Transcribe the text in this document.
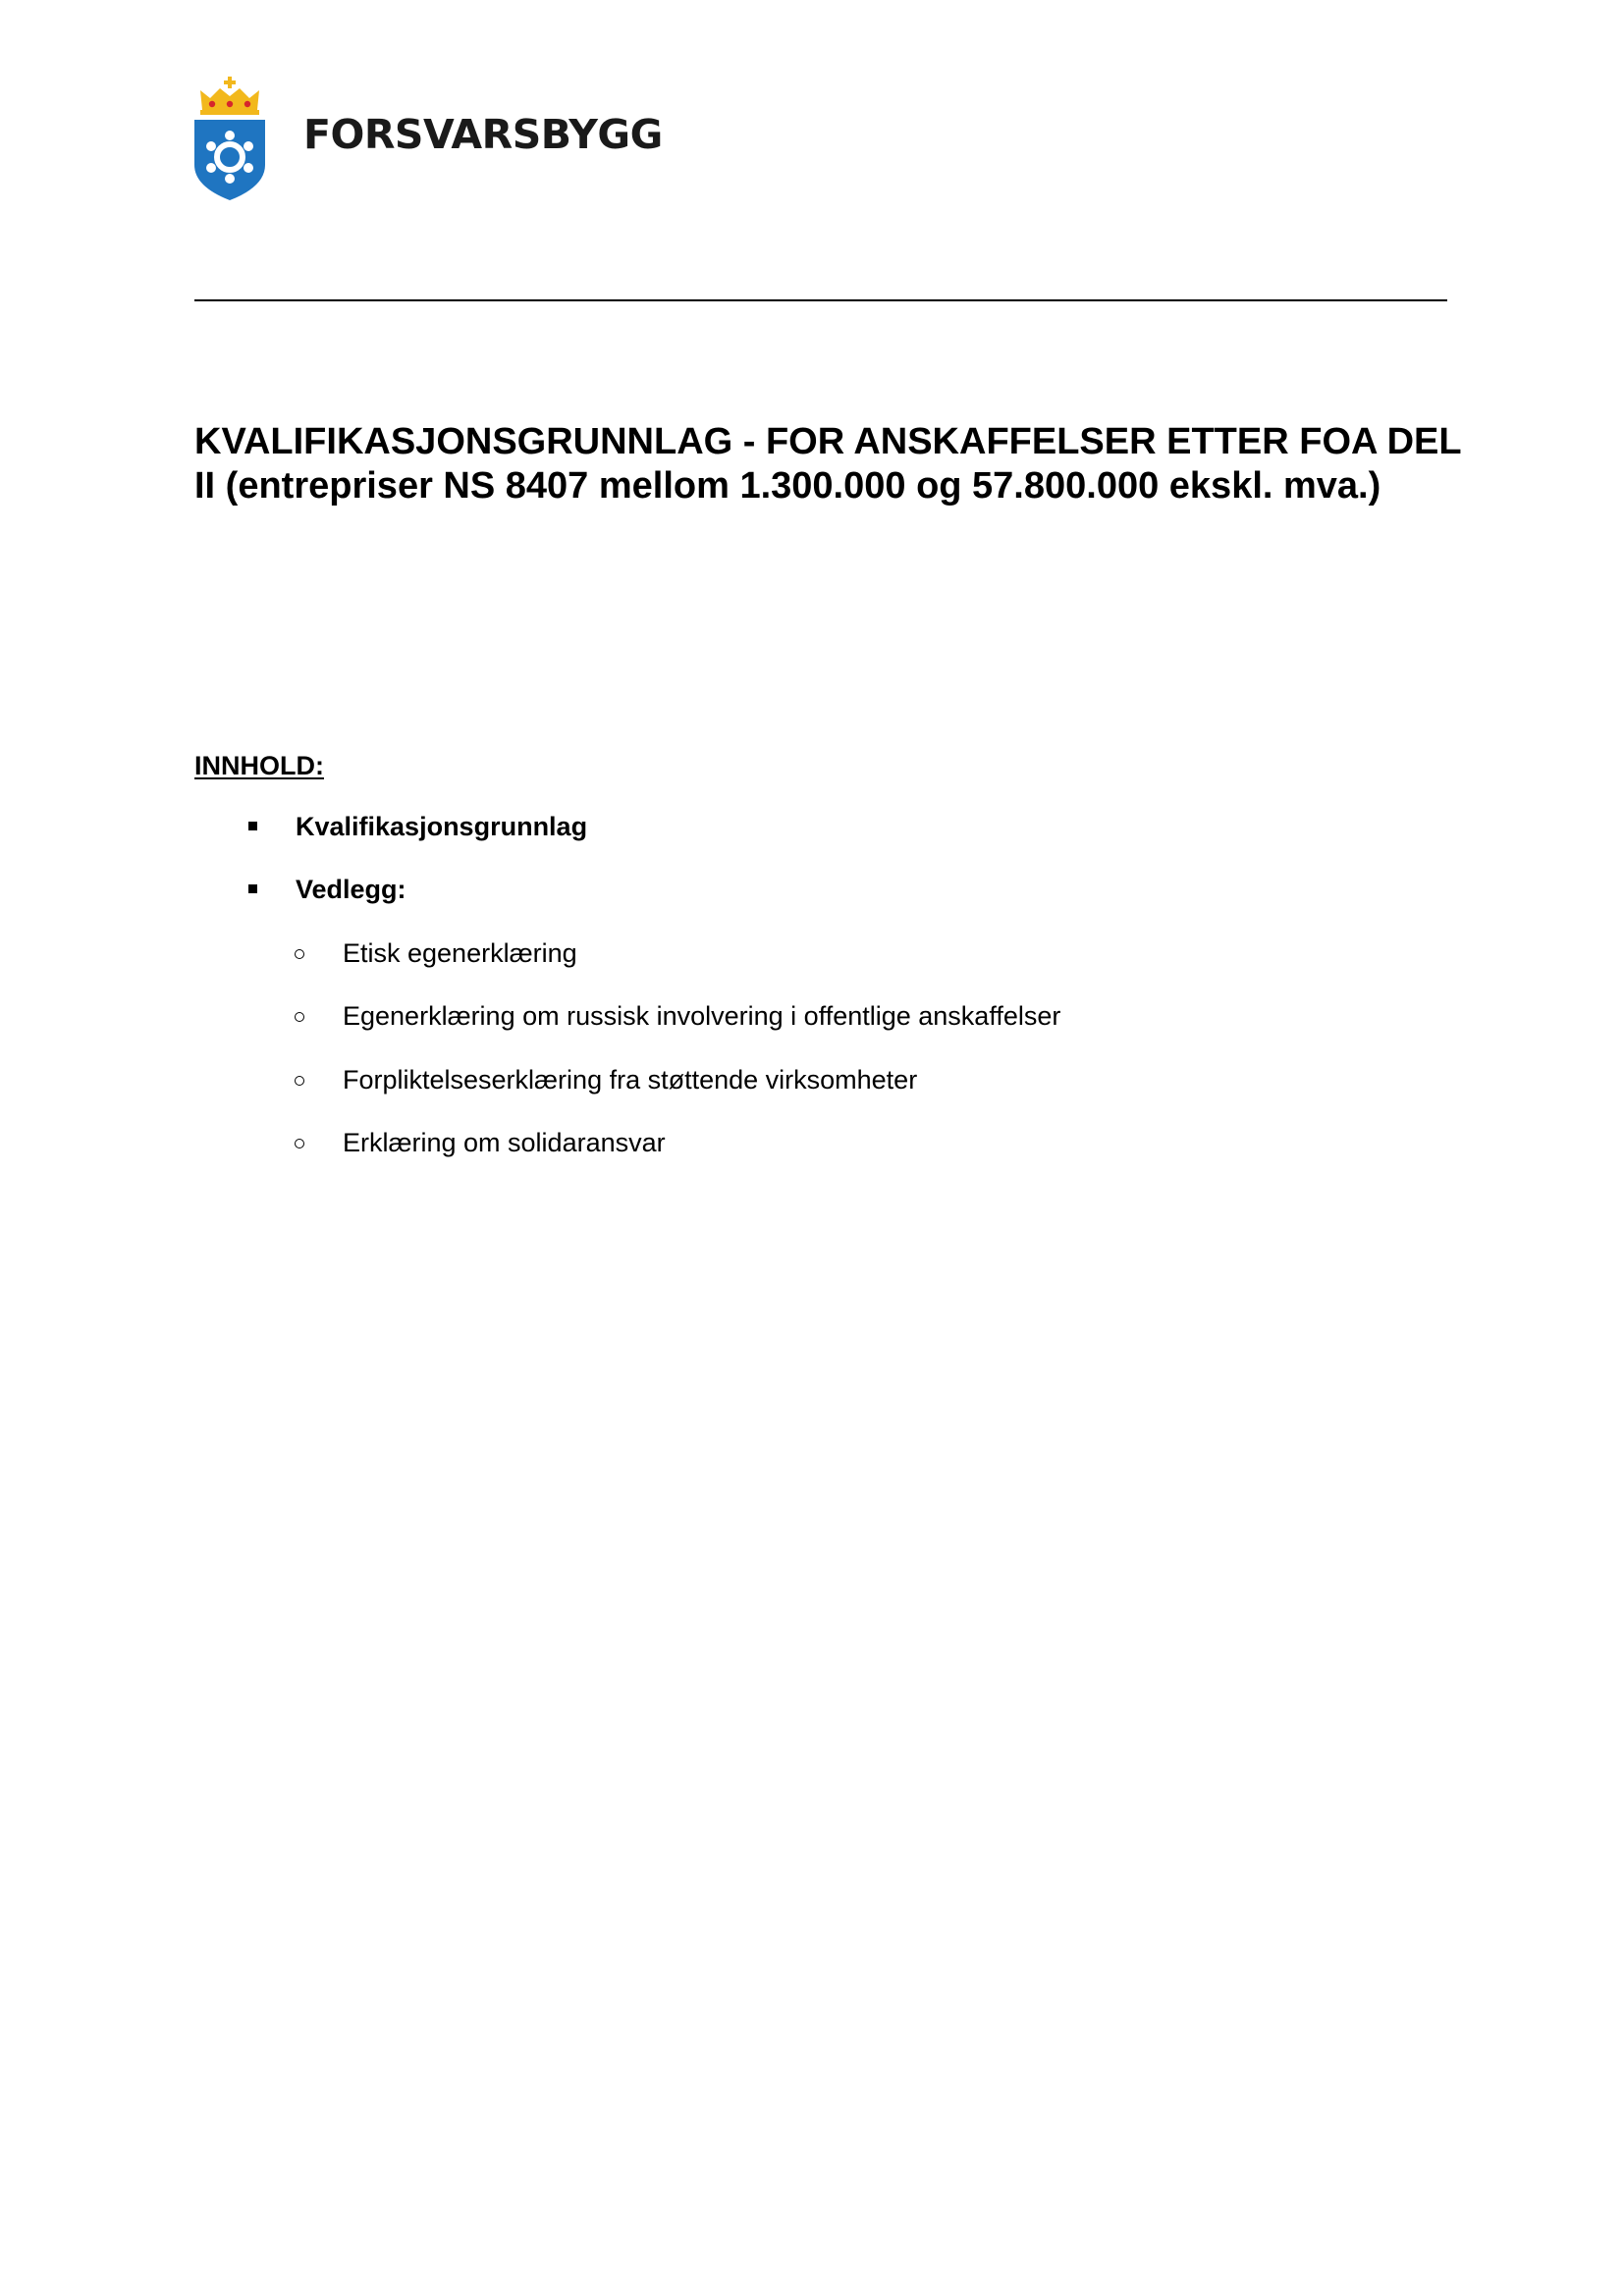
FORSVARSBYGG
KVALIFIKASJONSGRUNNLAG - FOR ANSKAFFELSER ETTER FOA DEL II (entrepriser NS 8407 mellom 1.300.000 og 57.800.000 ekskl. mva.)
INNHOLD:
Kvalifikasjonsgrunnlag
Vedlegg:
Etisk egenerklæring
Egenerklæring om russisk involvering i offentlige anskaffelser
Forpliktelseserklæring fra støttende virksomheter
Erklæring om solidaransvar
